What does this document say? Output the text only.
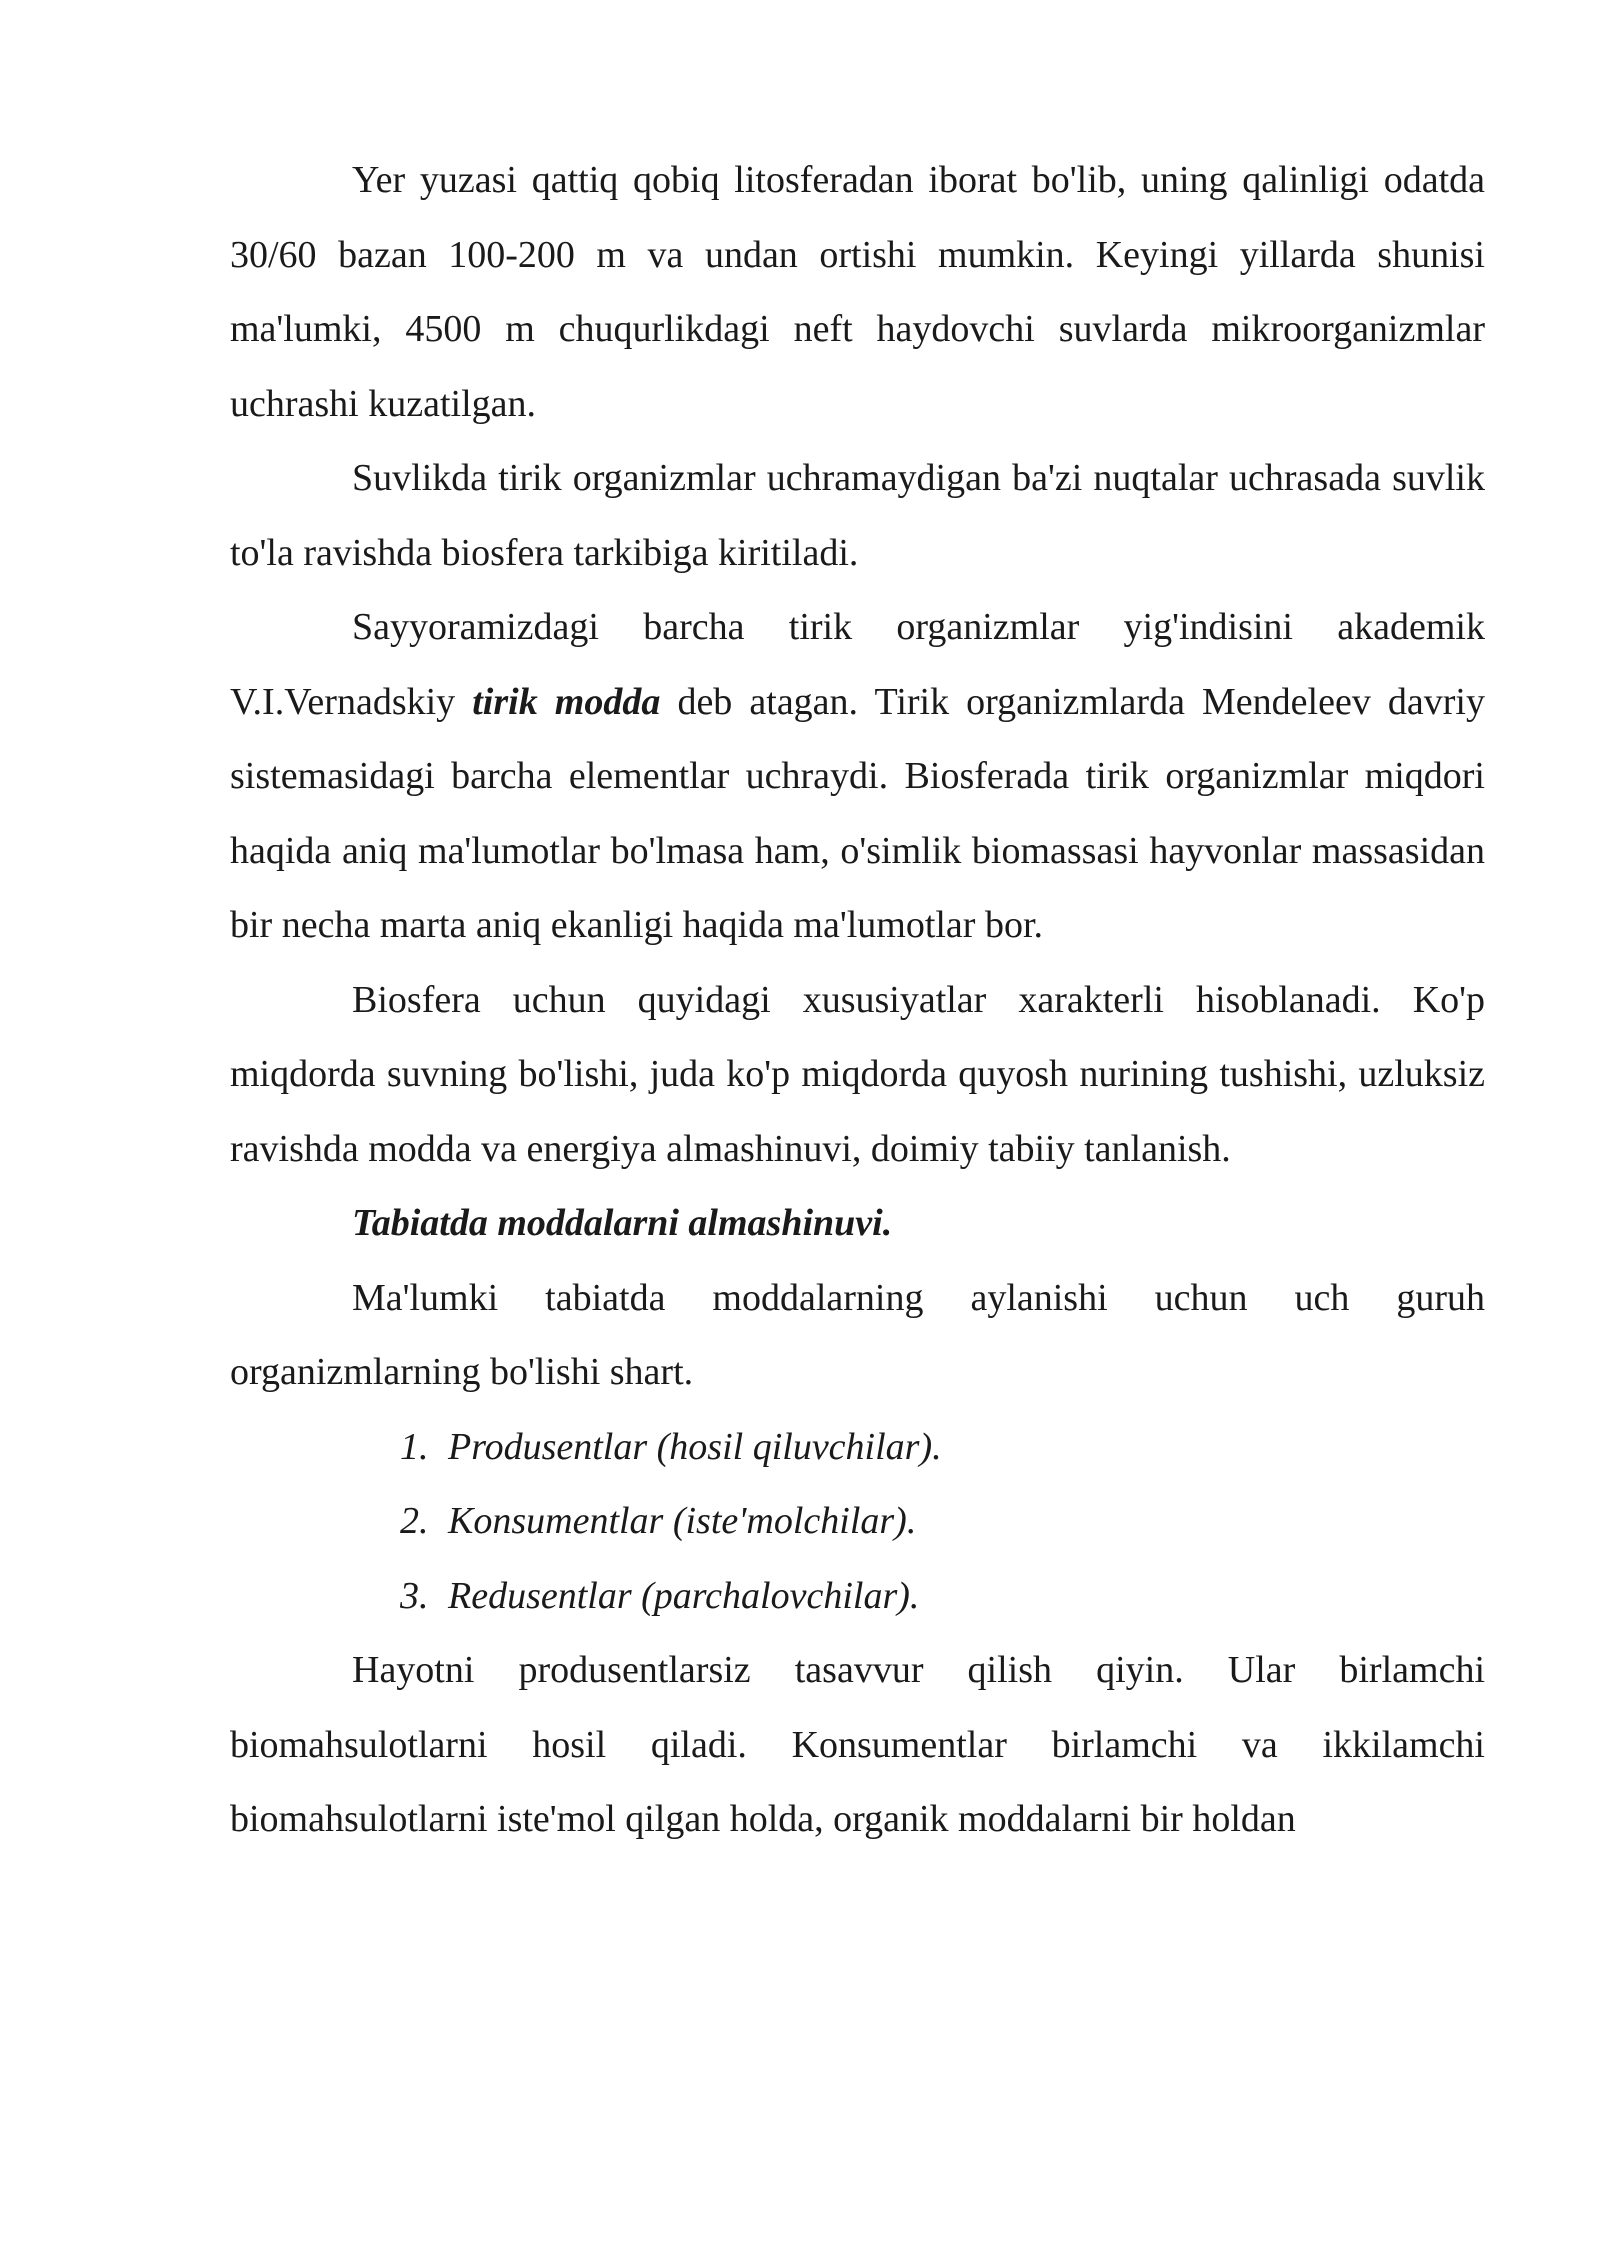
Yer yuzasi qattiq qobiq litosferadan iborat bo'lib, uning qalinligi odatda 30/60 bazan 100-200 m va undan ortishi mumkin. Keyingi yillarda shunisi ma'lumki, 4500 m chuqurlikdagi neft haydovchi suvlarda mikroorganizmlar uchrashi kuzatilgan.

Suvlikda tirik organizmlar uchramaydigan ba'zi nuqtalar uchrasada suvlik to'la ravishda biosfera tarkibiga kiritiladi.

Sayyoramizdagi barcha tirik organizmlar yig'indisini akademik V.I.Vernadskiy tirik modda deb atagan. Tirik organizmlarda Mendeleev davriy sistemasidagi barcha elementlar uchraydi. Biosferada tirik organizmlar miqdori haqida aniq ma'lumotlar bo'lmasa ham, o'simlik biomassasi hayvonlar massasidan bir necha marta aniq ekanligi haqida ma'lumotlar bor.

Biosfera uchun quyidagi xususiyatlar xarakterli hisoblanadi. Ko'p miqdorda suvning bo'lishi, juda ko'p miqdorda quyosh nurining tushishi, uzluksiz ravishda modda va energiya almashinuvi, doimiy tabiiy tanlanish.

Tabiatda moddalarni almashinuvi.

Ma'lumki tabiatda moddalarning aylanishi uchun uch guruh organizmlarning bo'lishi shart.

1. Produsentlar (hosil qiluvchilar).
2. Konsumentlar (iste'molchilar).
3. Redusentlar (parchalovchilar).

Hayotni produsentlarsiz tasavvur qilish qiyin. Ular birlamchi biomahsulotlarni hosil qiladi. Konsumentlar birlamchi va ikkilamchi biomahsulotlarni iste'mol qilgan holda, organik moddalarni bir holdan
